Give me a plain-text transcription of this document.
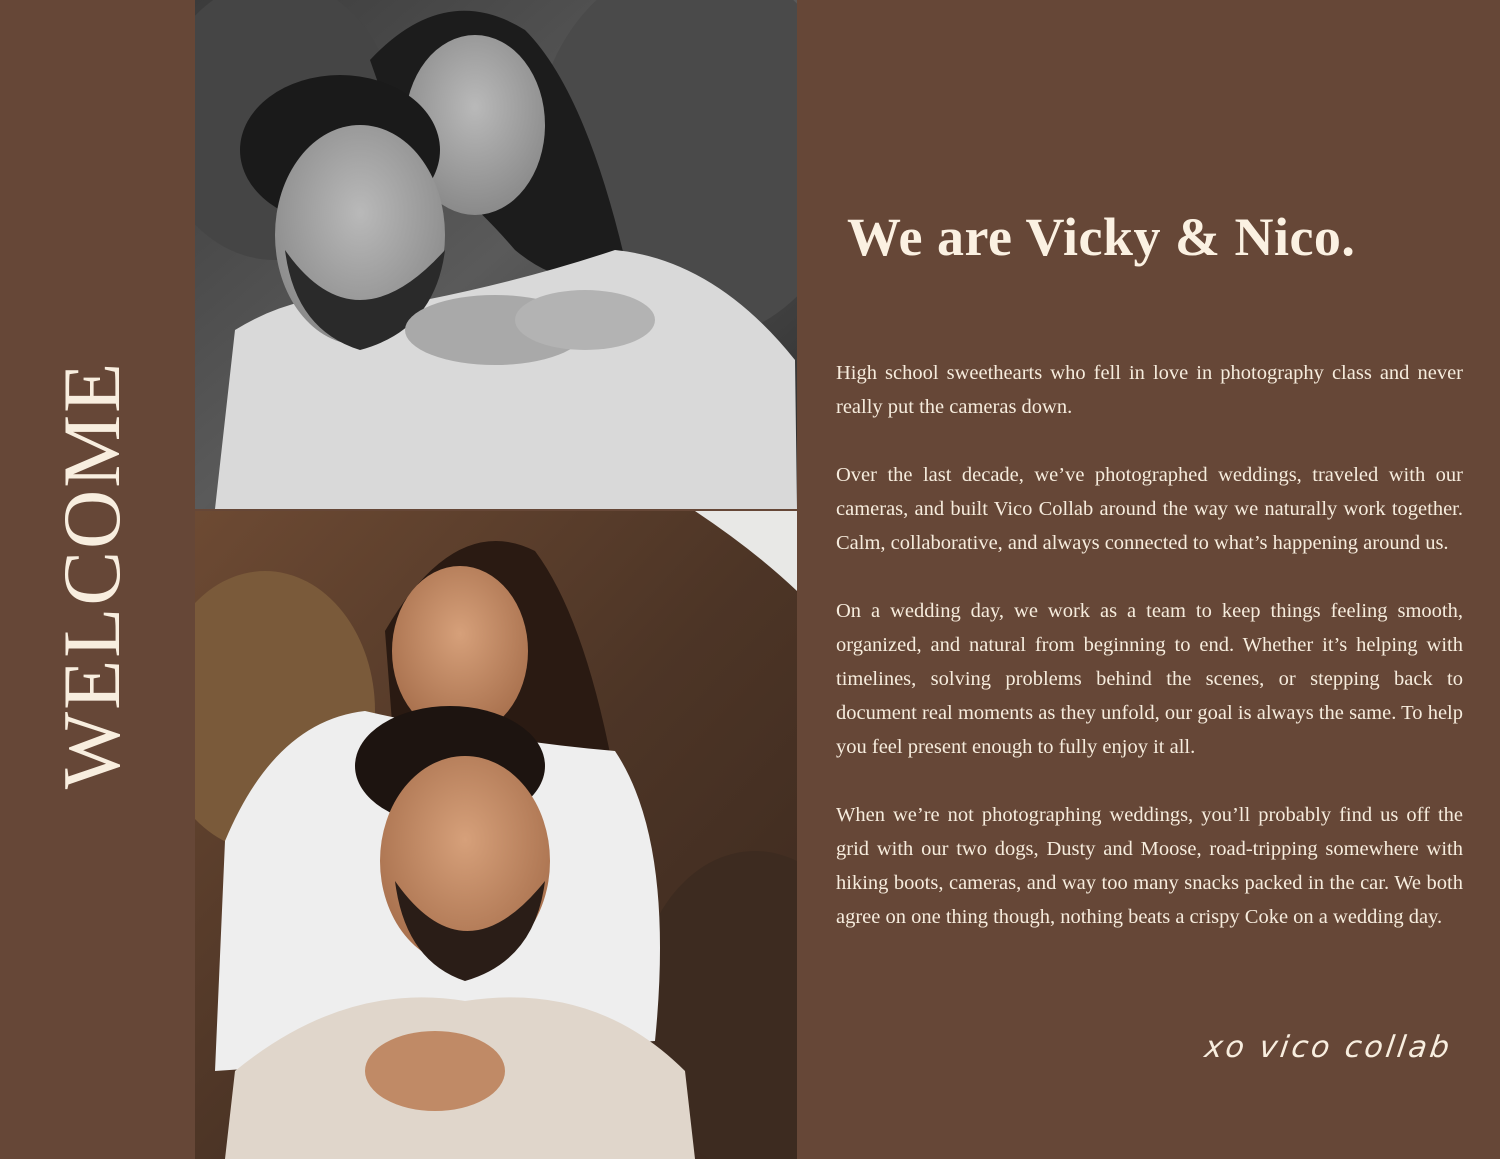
WELCOME
We are Vicky & Nico.

High school sweethearts who fell in love in photography class and never really put the cameras down.

Over the last decade, we’ve photographed weddings, traveled with our cameras, and built Vico Collab around the way we naturally work together. Calm, collaborative, and always connected to what’s happening around us.

On a wedding day, we work as a team to keep things feeling smooth, organized, and natural from beginning to end. Whether it’s helping with timelines, solving problems behind the scenes, or stepping back to document real moments as they unfold, our goal is always the same. To help you feel present enough to fully enjoy it all.

When we’re not photographing weddings, you’ll probably find us off the grid with our two dogs, Dusty and Moose, road-tripping somewhere with hiking boots, cameras, and way too many snacks packed in the car. We both agree on one thing though, nothing beats a crispy Coke on a wedding day.

xo vico collab
